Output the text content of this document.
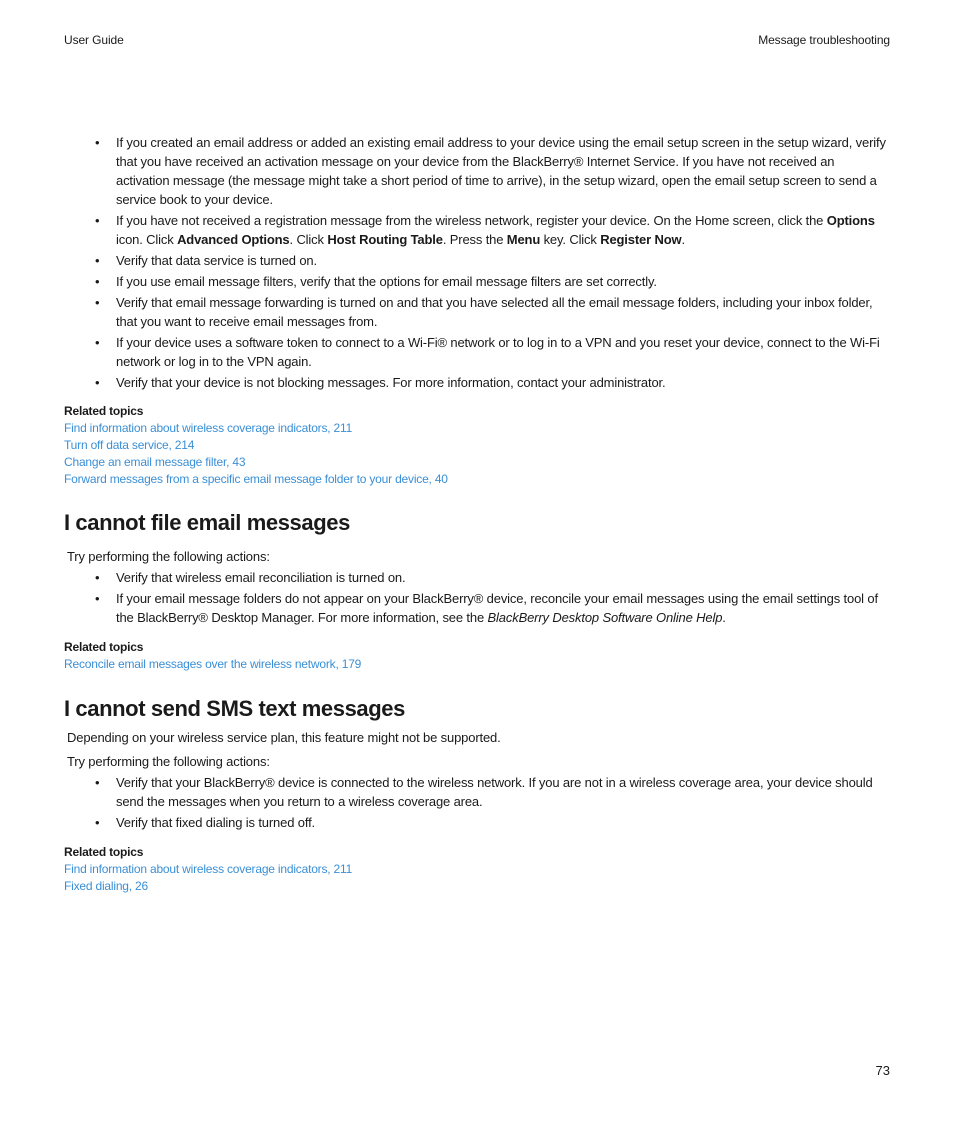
User Guide	Message troubleshooting
• If you created an email address or added an existing email address to your device using the email setup screen in the setup wizard, verify that you have received an activation message on your device from the BlackBerry® Internet Service. If you have not received an activation message (the message might take a short period of time to arrive), in the setup wizard, open the email setup screen to send a service book to your device.
• If you have not received a registration message from the wireless network, register your device. On the Home screen, click the Options icon. Click Advanced Options. Click Host Routing Table. Press the Menu key. Click Register Now.
• Verify that data service is turned on.
• If you use email message filters, verify that the options for email message filters are set correctly.
• Verify that email message forwarding is turned on and that you have selected all the email message folders, including your inbox folder, that you want to receive email messages from.
• If your device uses a software token to connect to a Wi-Fi® network or to log in to a VPN and you reset your device, connect to the Wi-Fi network or log in to the VPN again.
• Verify that your device is not blocking messages. For more information, contact your administrator.
Related topics
Find information about wireless coverage indicators, 211
Turn off data service, 214
Change an email message filter, 43
Forward messages from a specific email message folder to your device, 40
I cannot file email messages
Try performing the following actions:
• Verify that wireless email reconciliation is turned on.
• If your email message folders do not appear on your BlackBerry® device, reconcile your email messages using the email settings tool of the BlackBerry® Desktop Manager. For more information, see the BlackBerry Desktop Software Online Help.
Related topics
Reconcile email messages over the wireless network, 179
I cannot send SMS text messages
Depending on your wireless service plan, this feature might not be supported.
Try performing the following actions:
• Verify that your BlackBerry® device is connected to the wireless network. If you are not in a wireless coverage area, your device should send the messages when you return to a wireless coverage area.
• Verify that fixed dialing is turned off.
Related topics
Find information about wireless coverage indicators, 211
Fixed dialing, 26
73
